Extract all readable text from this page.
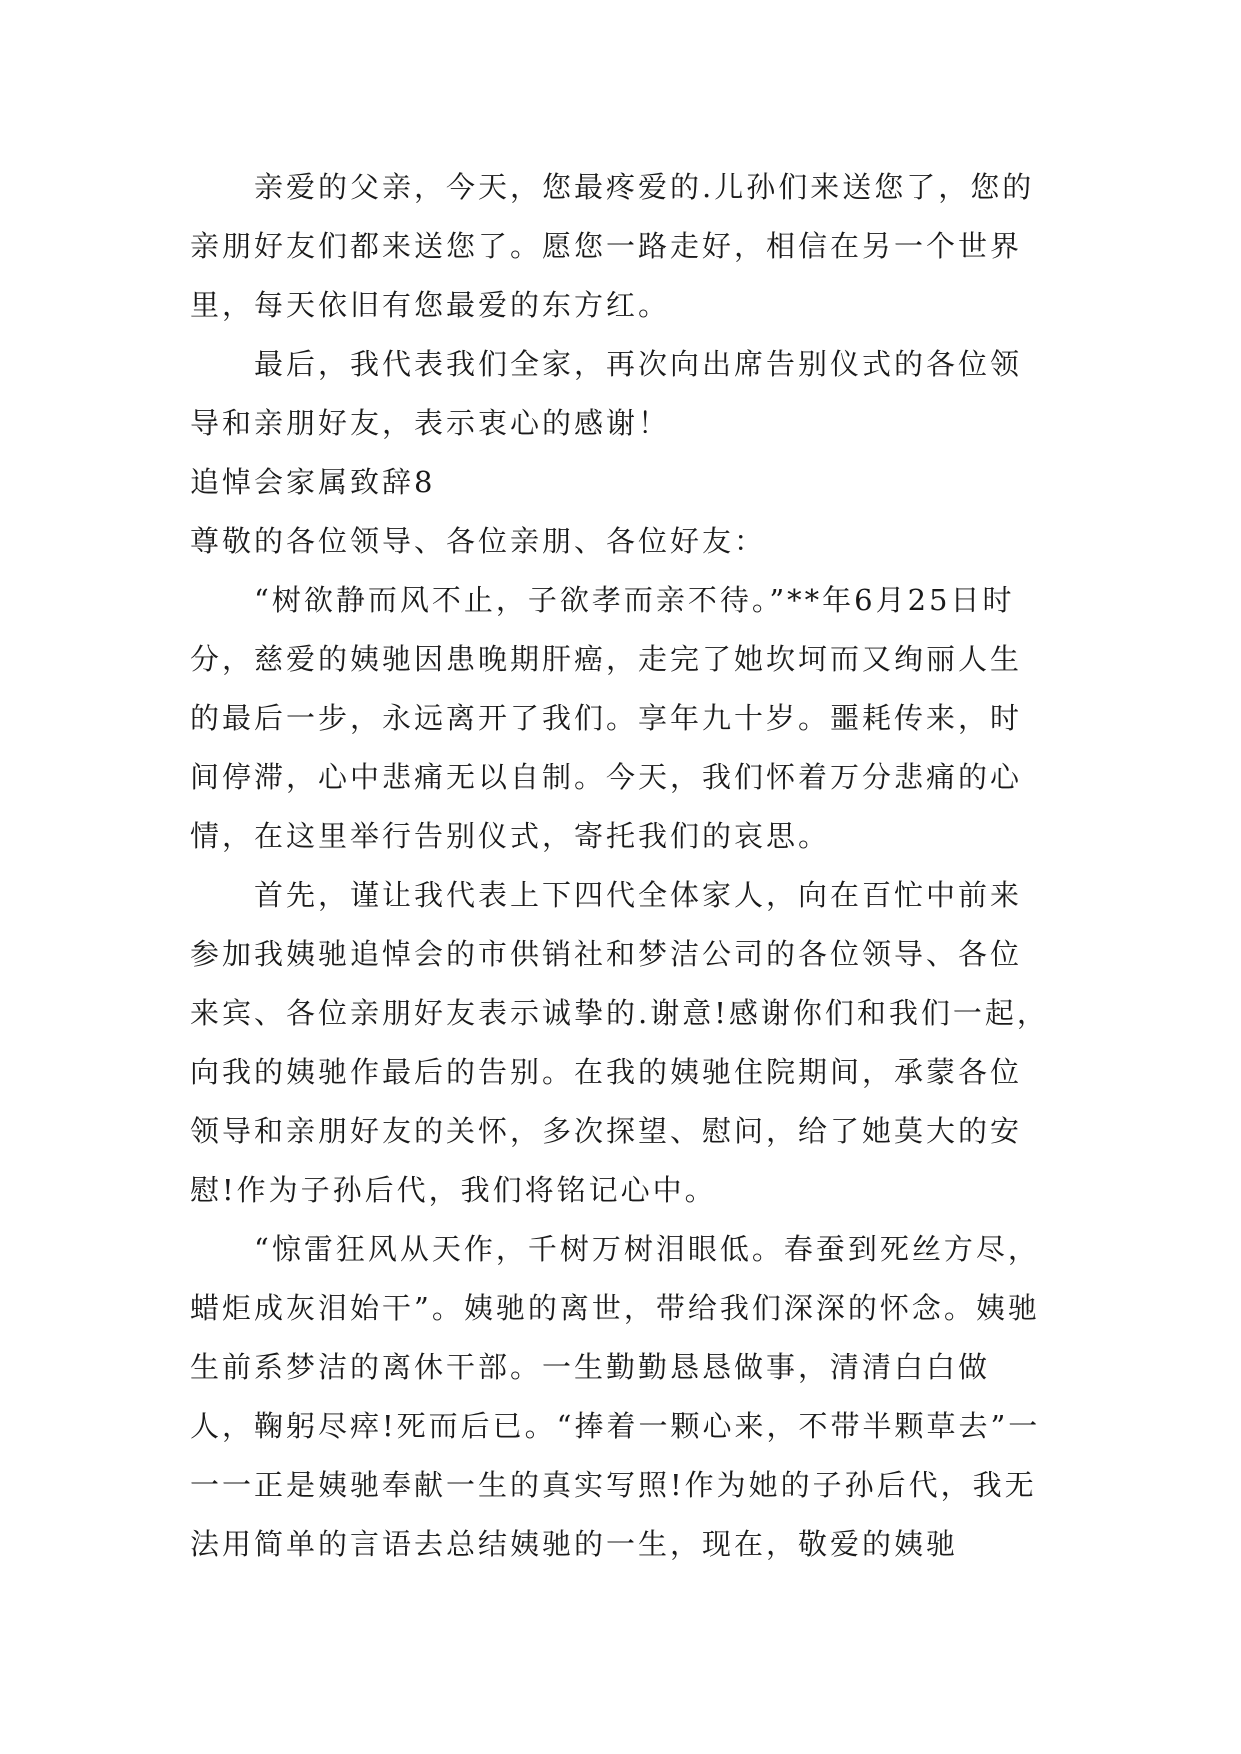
亲爱的父亲，今天，您最疼爱的.儿孙们来送您了，您的亲朋好友们都来送您了。愿您一路走好，相信在另一个世界里，每天依旧有您最爱的东方红。

最后，我代表我们全家，再次向出席告别仪式的各位领导和亲朋好友，表示衷心的感谢！

追悼会家属致辞8

尊敬的各位领导、各位亲朋、各位好友：

“树欲静而风不止，子欲孝而亲不待。”**年6月25日时 分，慈爱的姨驰因患晚期肝癌，走完了她坎坷而又绚丽人生的最后一步，永远离开了我们。享年九十岁。噩耗传来，时间停滞，心中悲痛无以自制。今天，我们怀着万分悲痛的心情，在这里举行告别仪式，寄托我们的哀思。

首先，谨让我代表上下四代全体家人，向在百忙中前来参加我姨驰追悼会的市供销社和梦洁公司的各位领导、各位来宾、各位亲朋好友表示诚挚的.谢意!感谢你们和我们一起，向我的姨驰作最后的告别。在我的姨驰住院期间，承蒙各位领导和亲朋好友的关怀，多次探望、慰问，给了她莫大的安慰!作为子孙后代，我们将铭记心中。

“惊雷狂风从天作，千树万树泪眼低。春蚕到死丝方尽，蜡炬成灰泪始干”。姨驰的离世，带给我们深深的怀念。姨驰生前系梦洁的离休干部。一生勤勤恳恳做事，清清白白做人，鞠躬尽瘁!死而后已。“捧着一颗心来，不带半颗草去”一一一正是姨驰奉献一生的真实写照!作为她的子孙后代，我无法用简单的言语去总结姨驰的一生，现在，敬爱的姨驰
